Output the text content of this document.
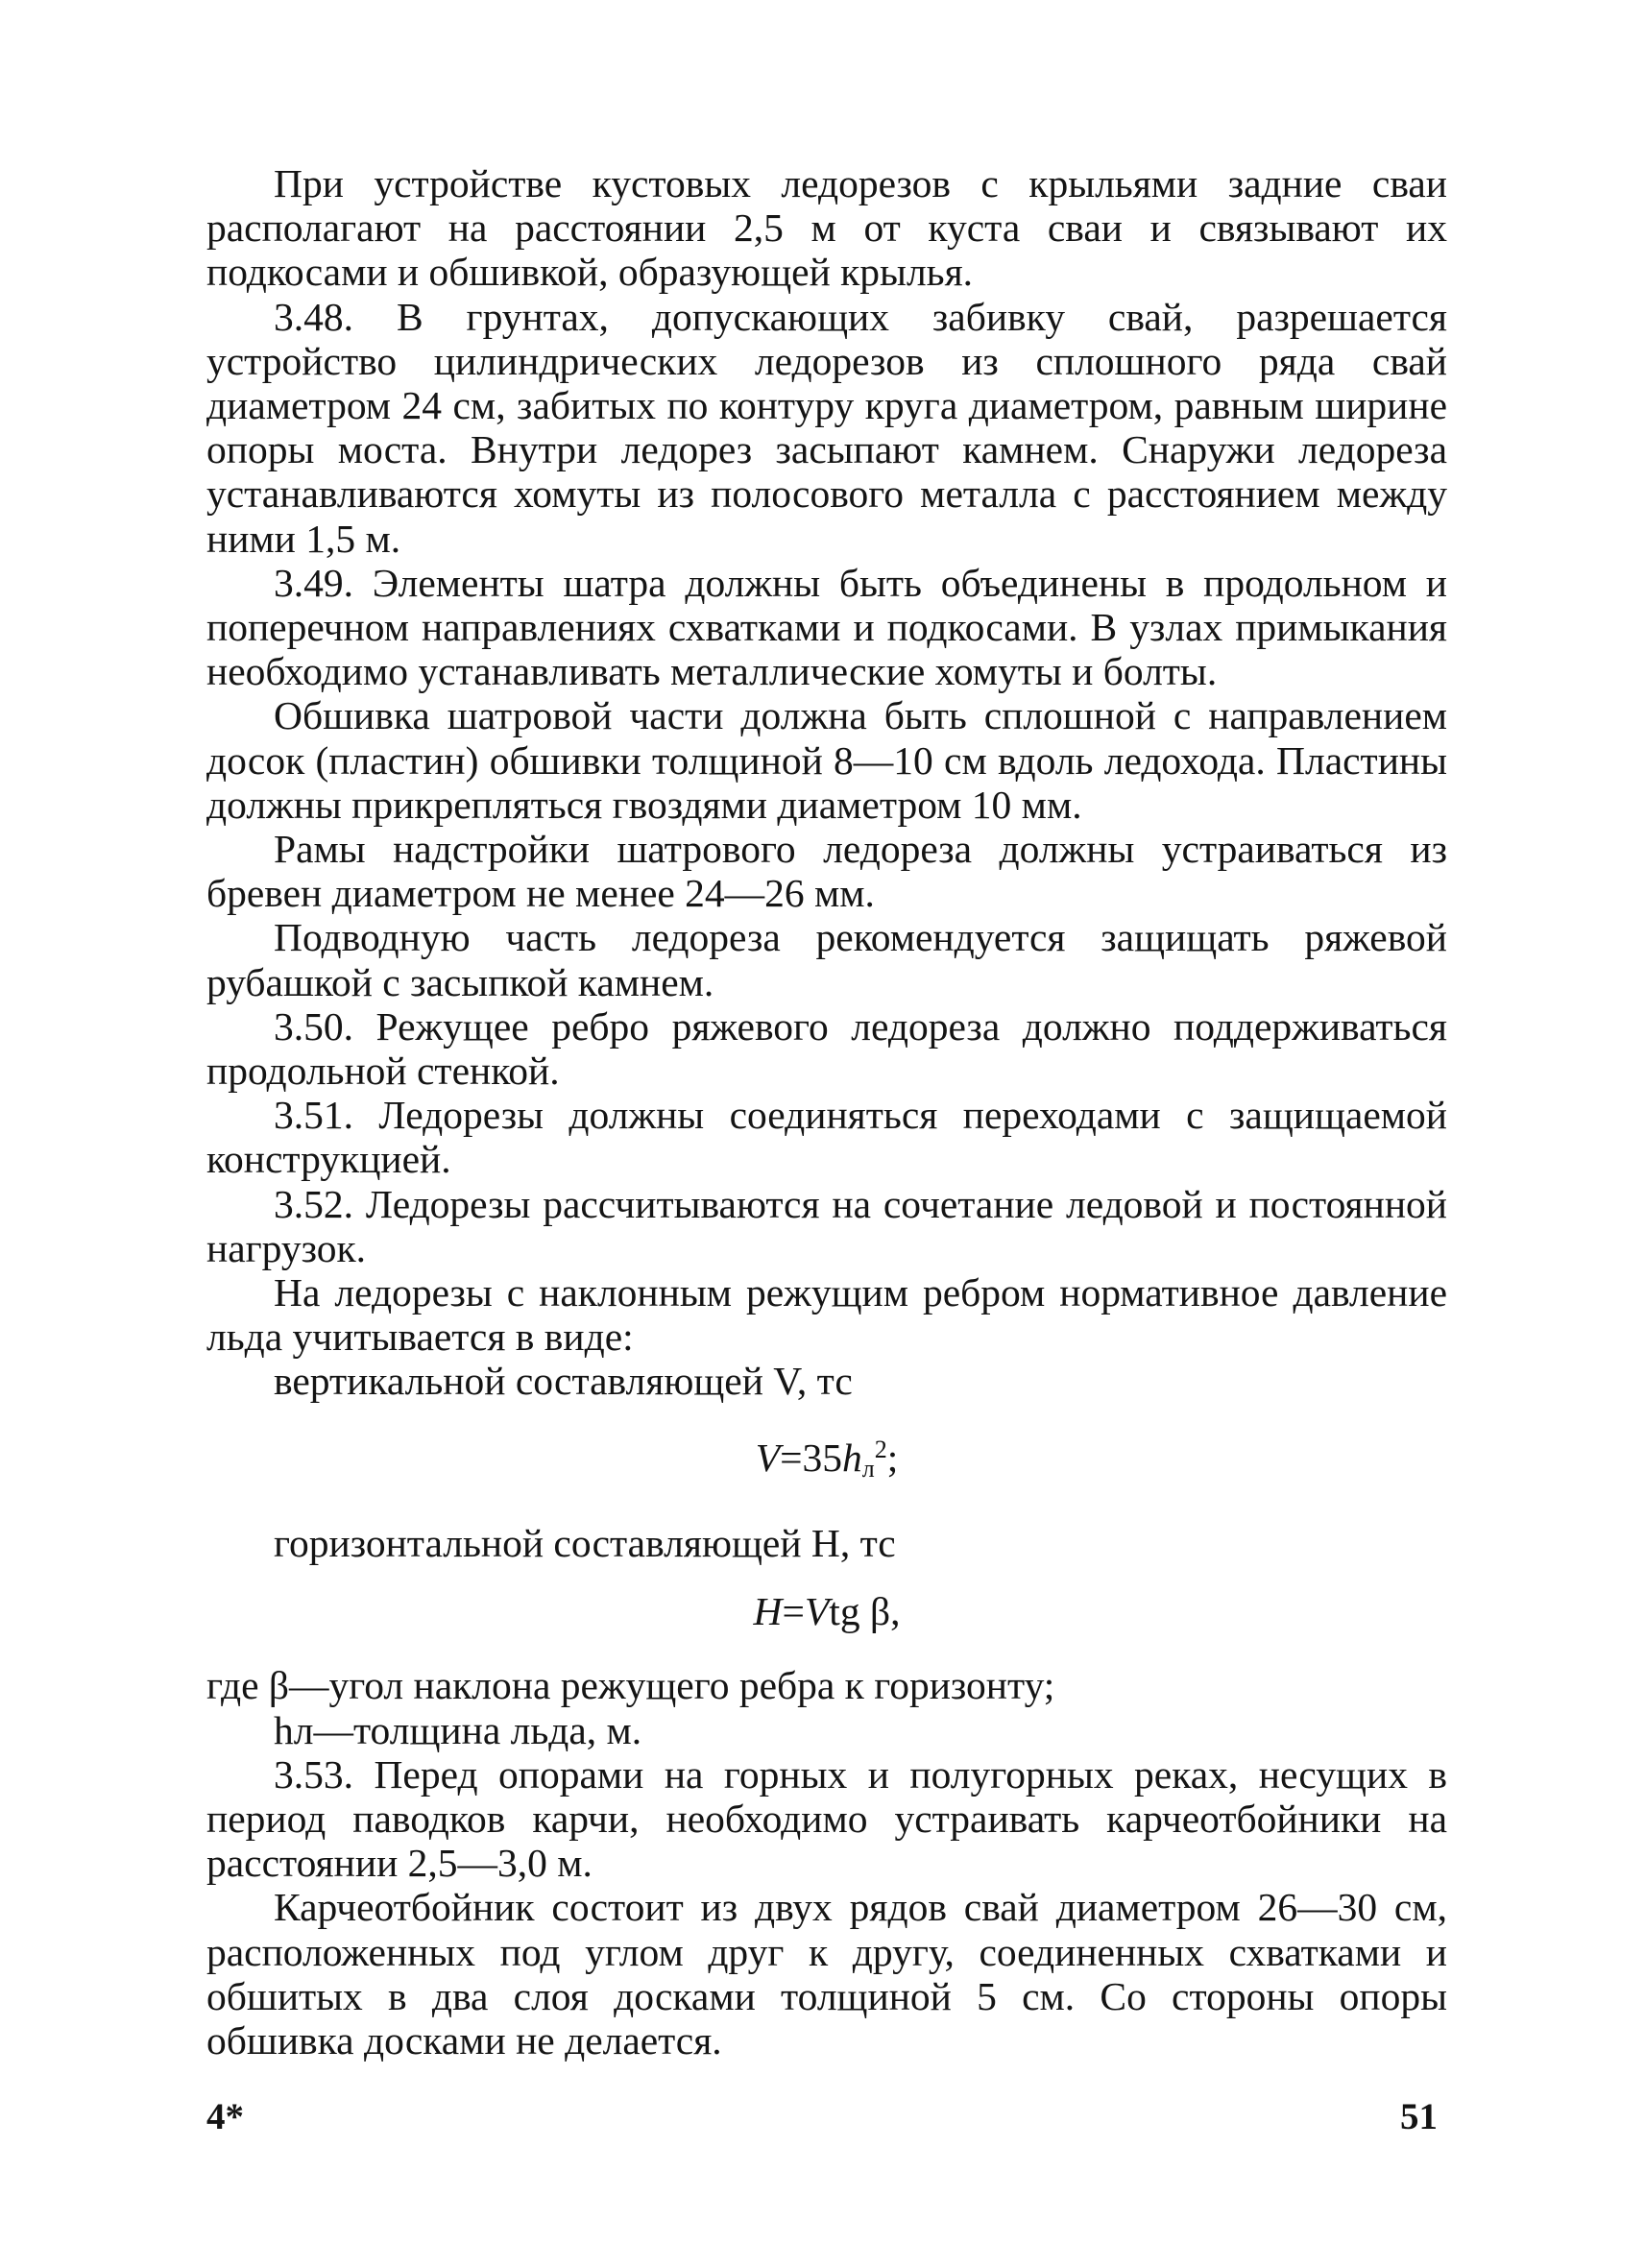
При устройстве кустовых ледорезов с крыльями задние сваи располагают на расстоянии 2,5 м от куста сваи и связывают их подкосами и обшивкой, образующей крылья.

3.48. В грунтах, допускающих забивку свай, разрешается устройство цилиндрических ледорезов из сплошного ряда свай диаметром 24 см, забитых по контуру круга диаметром, равным ширине опоры моста. Внутри ледорез засыпают камнем. Снаружи ледореза устанавливаются хомуты из полосового металла с расстоянием между ними 1,5 м.

3.49. Элементы шатра должны быть объединены в продольном и поперечном направлениях схватками и подкосами. В узлах примыкания необходимо устанавливать металлические хомуты и болты.

Обшивка шатровой части должна быть сплошной с направлением досок (пластин) обшивки толщиной 8—10 см вдоль ледохода. Пластины должны прикрепляться гвоздями диаметром 10 мм.

Рамы надстройки шатрового ледореза должны устраиваться из бревен диаметром не менее 24—26 мм.

Подводную часть ледореза рекомендуется защищать ряжевой рубашкой с засыпкой камнем.

3.50. Режущее ребро ряжевого ледореза должно поддерживаться продольной стенкой.

3.51. Ледорезы должны соединяться переходами с защищаемой конструкцией.

3.52. Ледорезы рассчитываются на сочетание ледовой и постоянной нагрузок.

На ледорезы с наклонным режущим ребром нормативное давление льда учитывается в виде:

вертикальной составляющей V, тс

$V=35h_л^2$;

горизонтальной составляющей H, тс

H=Vtg β,

где β—угол наклона режущего ребра к горизонту;

hл—толщина льда, м.

3.53. Перед опорами на горных и полугорных реках, несущих в период паводков карчи, необходимо устраивать карчеотбойники на расстоянии 2,5—3,0 м.

Карчеотбойник состоит из двух рядов свай диаметром 26—30 см, расположенных под углом друг к другу, соединенных схватками и обшитых в два слоя досками толщиной 5 см. Со стороны опоры обшивка досками не делается.

4*	51
